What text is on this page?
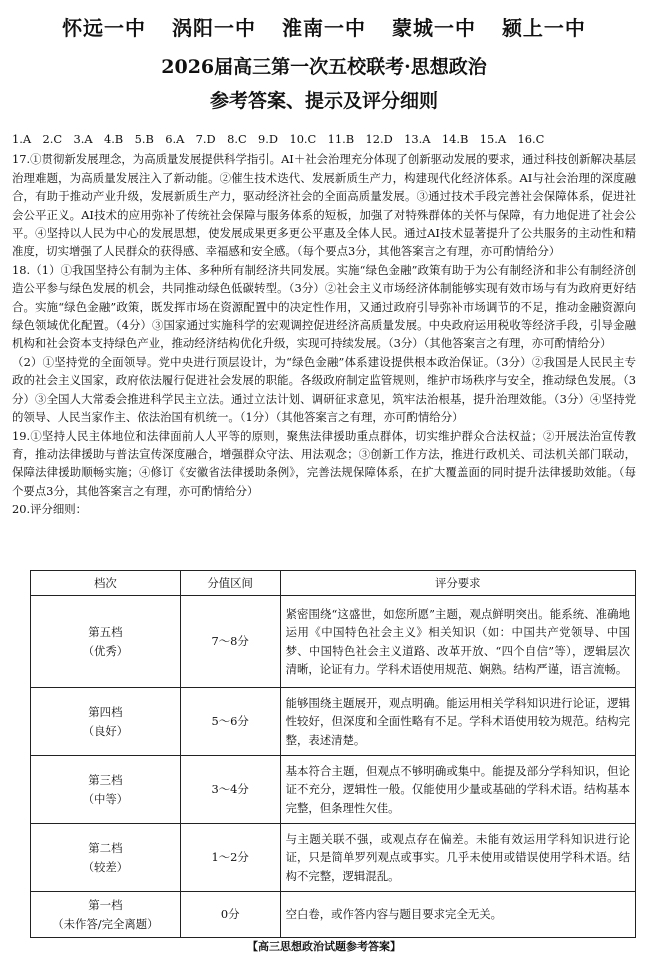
怀远一中 涡阳一中 淮南一中 蒙城一中 颍上一中
2026届高三第一次五校联考·思想政治
参考答案、提示及评分细则

1.A　2.C　3.A　4.B　5.B　6.A　7.D　8.C　9.D　10.C　11.B　12.D　13.A　14.B　15.A　16.C

17.①贯彻新发展理念，为高质量发展提供科学指引。AI＋社会治理充分体现了创新驱动发展的要求，通过科技创新解决基层治理难题，为高质量发展注入了新动能。②催生技术迭代、发展新质生产力，构建现代化经济体系。AI与社会治理的深度融合，有助于推动产业升级，发展新质生产力，驱动经济社会的全面高质量发展。③通过技术手段完善社会保障体系，促进社会公平正义。AI技术的应用弥补了传统社会保障与服务体系的短板，加强了对特殊群体的关怀与保障，有力地促进了社会公平。④坚持以人民为中心的发展思想，使发展成果更多更公平惠及全体人民。通过AI技术显著提升了公共服务的主动性和精准度，切实增强了人民群众的获得感、幸福感和安全感。（每个要点3分，其他答案言之有理，亦可酌情给分）

18.（1）①我国坚持公有制为主体、多种所有制经济共同发展。实施“绿色金融”政策有助于为公有制经济和非公有制经济创造公平参与绿色发展的机会，共同推动绿色低碳转型。（3分）②社会主义市场经济体制能够实现有效市场与有为政府更好结合。实施“绿色金融”政策，既发挥市场在资源配置中的决定性作用，又通过政府引导弥补市场调节的不足，推动金融资源向绿色领域优化配置。（4分）③国家通过实施科学的宏观调控促进经济高质量发展。中央政府运用税收等经济手段，引导金融机构和社会资本支持绿色产业，推动经济结构优化升级，实现可持续发展。（3分）（其他答案言之有理，亦可酌情给分）

（2）①坚持党的全面领导。党中央进行顶层设计，为“绿色金融”体系建设提供根本政治保证。（3分）②我国是人民民主专政的社会主义国家，政府依法履行促进社会发展的职能。各级政府制定监管规则，维护市场秩序与安全，推动绿色发展。（3分）③全国人大常委会推进科学民主立法。通过立法计划、调研征求意见，筑牢法治根基，提升治理效能。（3分）④坚持党的领导、人民当家作主、依法治国有机统一。（1分）（其他答案言之有理，亦可酌情给分）

19.①坚持人民主体地位和法律面前人人平等的原则，聚焦法律援助重点群体，切实维护群众合法权益；②开展法治宣传教育，推动法律援助与普法宣传深度融合，增强群众守法、用法观念；③创新工作方法，推进行政机关、司法机关部门联动，保障法律援助顺畅实施；④修订《安徽省法律援助条例》，完善法规保障体系，在扩大覆盖面的同时提升法律援助效能。（每个要点3分，其他答案言之有理，亦可酌情给分）

20.评分细则：

档次	分值区间	评分要求
第五档
（优秀）	7～8分	紧密围绕“这盛世，如您所愿”主题，观点鲜明突出。能系统、准确地运用《中国特色社会主义》相关知识（如：中国共产党领导、中国梦、中国特色社会主义道路、改革开放、“四个自信”等），逻辑层次清晰，论证有力。学科术语使用规范、娴熟。结构严谨，语言流畅。
第四档
（良好）	5～6分	能够围绕主题展开，观点明确。能运用相关学科知识进行论证，逻辑性较好，但深度和全面性略有不足。学科术语使用较为规范。结构完整，表述清楚。
第三档
（中等）	3～4分	基本符合主题，但观点不够明确或集中。能提及部分学科知识，但论证不充分，逻辑性一般。仅能使用少量或基础的学科术语。结构基本完整，但条理性欠佳。
第二档
（较差）	1～2分	与主题关联不强，或观点存在偏差。未能有效运用学科知识进行论证，只是简单罗列观点或事实。几乎未使用或错误使用学科术语。结构不完整，逻辑混乱。
第一档
（未作答/完全离题）	0分	空白卷，或作答内容与题目要求完全无关。
【高三思想政治试题参考答案】
